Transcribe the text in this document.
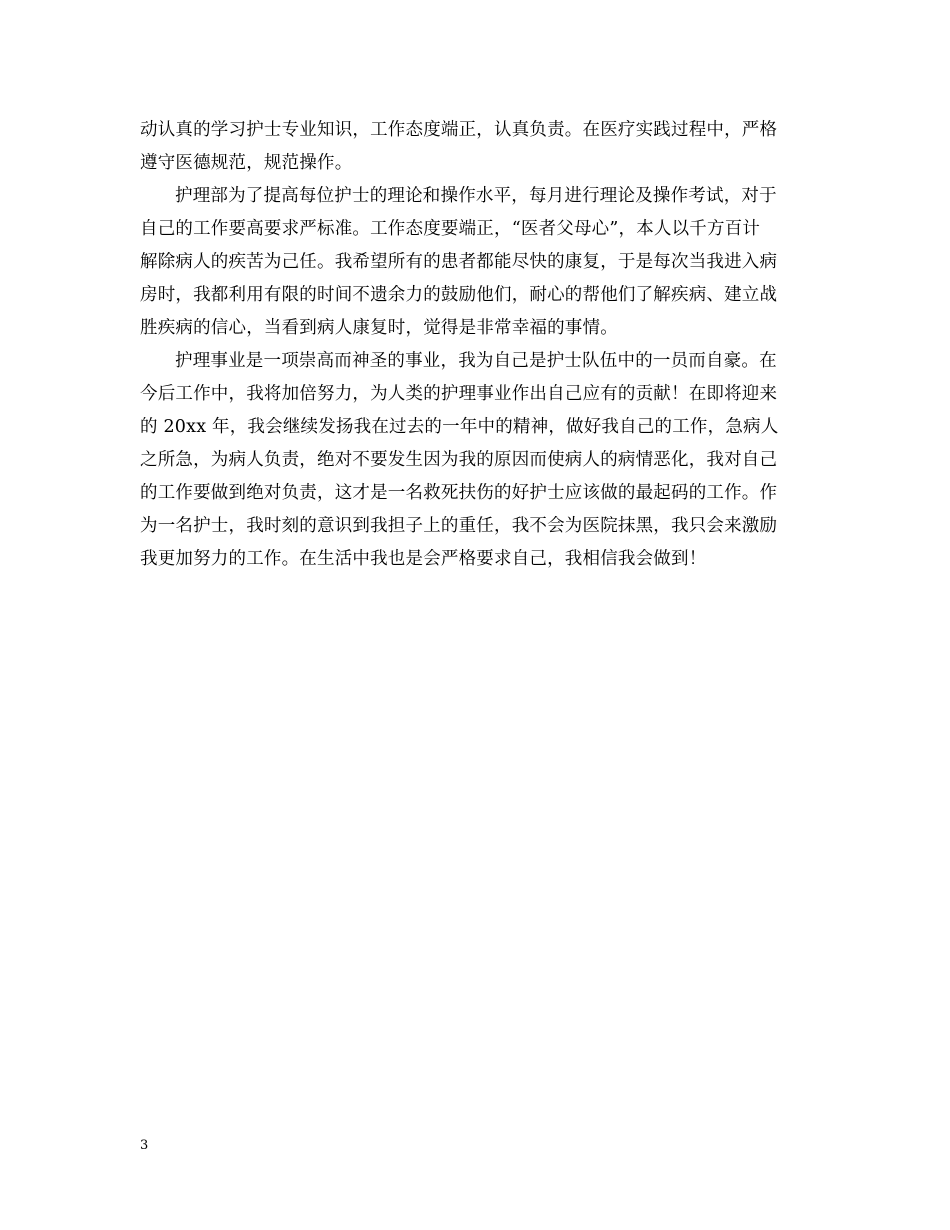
动认真的学习护士专业知识，工作态度端正，认真负责。在医疗实践过程中，严格
遵守医德规范，规范操作。

护理部为了提高每位护士的理论和操作水平，每月进行理论及操作考试，对于
自己的工作要高要求严标准。工作态度要端正，“医者父母心”，本人以千方百计
解除病人的疾苦为己任。我希望所有的患者都能尽快的康复，于是每次当我进入病
房时，我都利用有限的时间不遗余力的鼓励他们，耐心的帮他们了解疾病、建立战
胜疾病的信心，当看到病人康复时，觉得是非常幸福的事情。

护理事业是一项崇高而神圣的事业，我为自己是护士队伍中的一员而自豪。在
今后工作中，我将加倍努力，为人类的护理事业作出自己应有的贡献！在即将迎来
的 20xx 年，我会继续发扬我在过去的一年中的精神，做好我自己的工作，急病人
之所急，为病人负责，绝对不要发生因为我的原因而使病人的病情恶化，我对自己
的工作要做到绝对负责，这才是一名救死扶伤的好护士应该做的最起码的工作。作
为一名护士，我时刻的意识到我担子上的重任，我不会为医院抹黑，我只会来激励
我更加努力的工作。在生活中我也是会严格要求自己，我相信我会做到！

3
